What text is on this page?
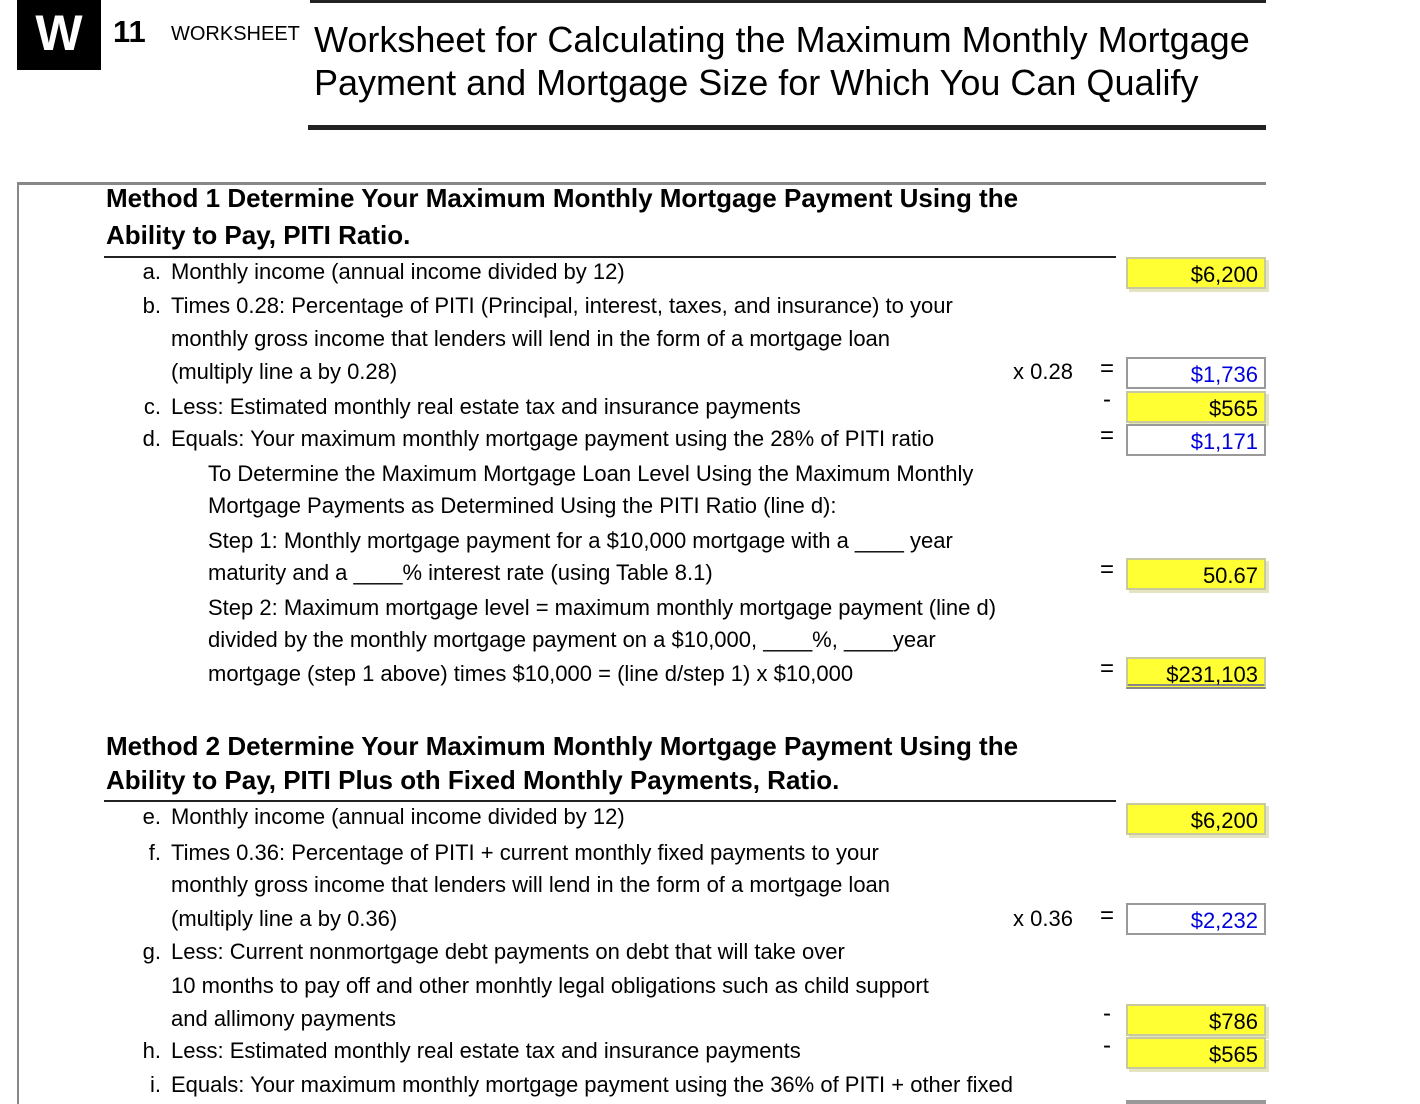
W 11 WORKSHEET Worksheet for Calculating the Maximum Monthly Mortgage Payment and Mortgage Size for Which You Can Qualify
Method 1 Determine Your Maximum Monthly Mortgage Payment Using the
Ability to Pay, PITI Ratio.
a. Monthly income (annual income divided by 12)	$6,200
b. Times 0.28: Percentage of PITI (Principal, interest, taxes, and insurance) to your
monthly gross income that lenders will lend in the form of a mortgage loan
(multiply line a by 0.28)	x 0.28 =	$1,736
c. Less: Estimated monthly real estate tax and insurance payments	-	$565
d. Equals: Your maximum monthly mortgage payment using the 28% of PITI ratio	=	$1,171
To Determine the Maximum Mortgage Loan Level Using the Maximum Monthly
Mortgage Payments as Determined Using the PITI Ratio (line d):
Step 1: Monthly mortgage payment for a $10,000 mortgage with a ____ year
maturity and a ____% interest rate (using Table 8.1)	=	50.67
Step 2: Maximum mortgage level = maximum monthly mortgage payment (line d)
divided by the monthly mortgage payment on a $10,000, ____%, ____year
mortgage (step 1 above) times $10,000 = (line d/step 1) x $10,000	=	$231,103
Method 2 Determine Your Maximum Monthly Mortgage Payment Using the
Ability to Pay, PITI Plus oth Fixed Monthly Payments, Ratio.
e. Monthly income (annual income divided by 12)	$6,200
f. Times 0.36: Percentage of PITI + current monthly fixed payments to your
monthly gross income that lenders will lend in the form of a mortgage loan
(multiply line a by 0.36)	x 0.36 =	$2,232
g. Less: Current nonmortgage debt payments on debt that will take over
10 months to pay off and other monhtly legal obligations such as child support
and allimony payments	-	$786
h. Less: Estimated monthly real estate tax and insurance payments	-	$565
i. Equals: Your maximum monthly mortgage payment using the 36% of PITI + other fixed
